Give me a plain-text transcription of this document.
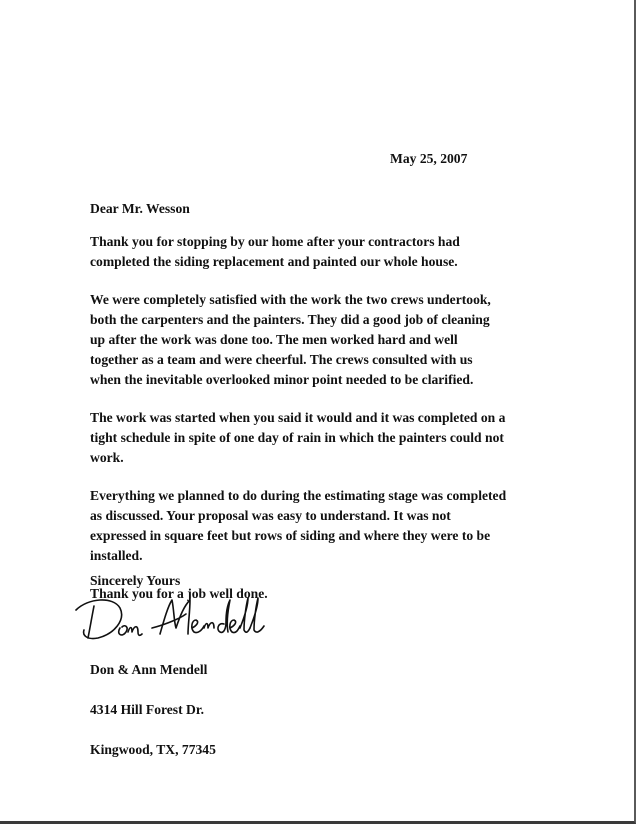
May 25, 2007
Dear Mr. Wesson

Thank you for stopping by our home after your contractors had
completed the siding replacement and painted our whole house.

We were completely satisfied with the work the two crews undertook,
both the carpenters and the painters. They did a good job of cleaning
up after the work was done too. The men worked hard and well
together as a team and were cheerful. The crews consulted with us
when the inevitable overlooked minor point needed to be clarified.

The work was started when you said it would and it was completed on a
tight schedule in spite of one day of rain in which the painters could not
work.

Everything we planned to do during the estimating stage was completed
as discussed. Your proposal was easy to understand. It was not
expressed in square feet but rows of siding and where they were to be
installed.

Thank you for a job well done.

Sincerely Yours

Don & Ann Mendell

4314 Hill Forest Dr.

Kingwood, TX, 77345
